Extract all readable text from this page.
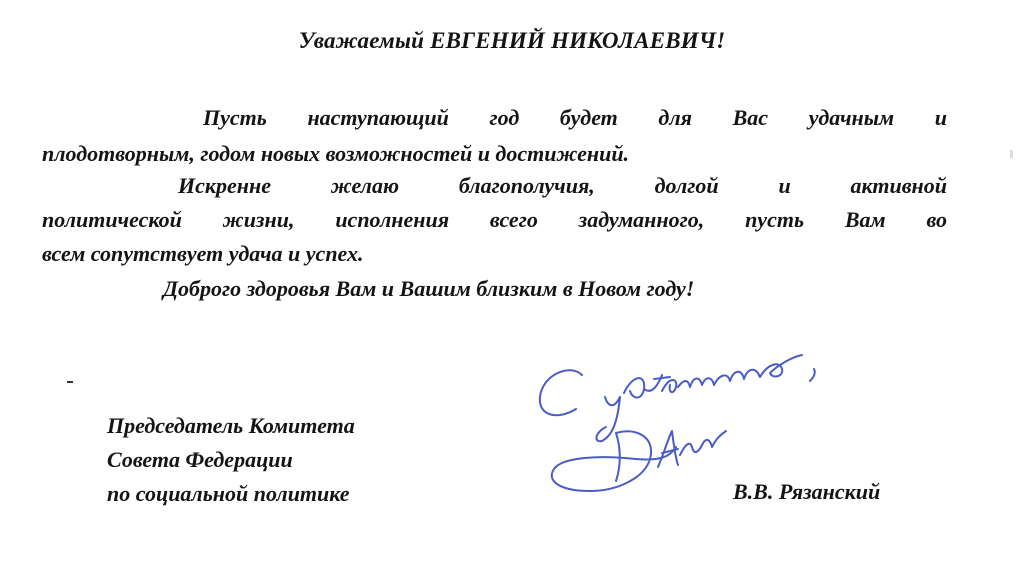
Уважаемый ЕВГЕНИЙ НИКОЛАЕВИЧ!
Пусть наступающий год будет для Вас удачным и
плодотворным, годом новых возможностей и достижений.
Искренне желаю благополучия, долгой и активной
политической жизни, исполнения всего задуманного, пусть Вам во
всем сопутствует удача и успех.
Доброго здоровья Вам и Вашим близким в Новом году!
Председатель Комитета
Совета Федерации
по социальной политике	В.В. Рязанский
